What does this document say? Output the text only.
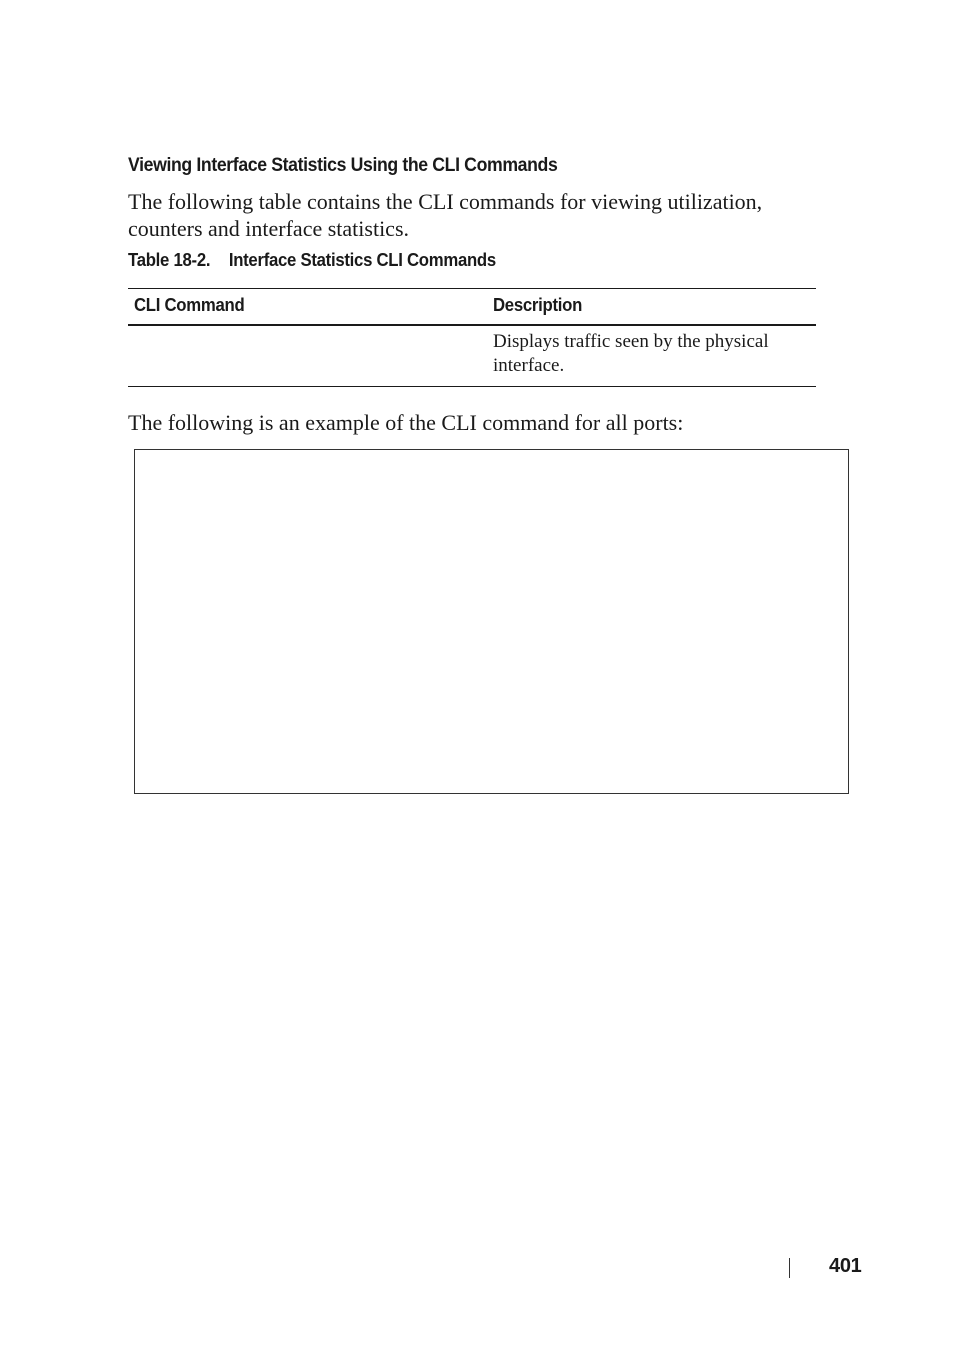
Viewing Interface Statistics Using the CLI Commands

The following table contains the CLI commands for viewing utilization, counters and interface statistics.

Table 18-2. Interface Statistics CLI Commands
CLI Command	Description
	Displays traffic seen by the physical interface.
The following is an example of the CLI command for all ports:
401
